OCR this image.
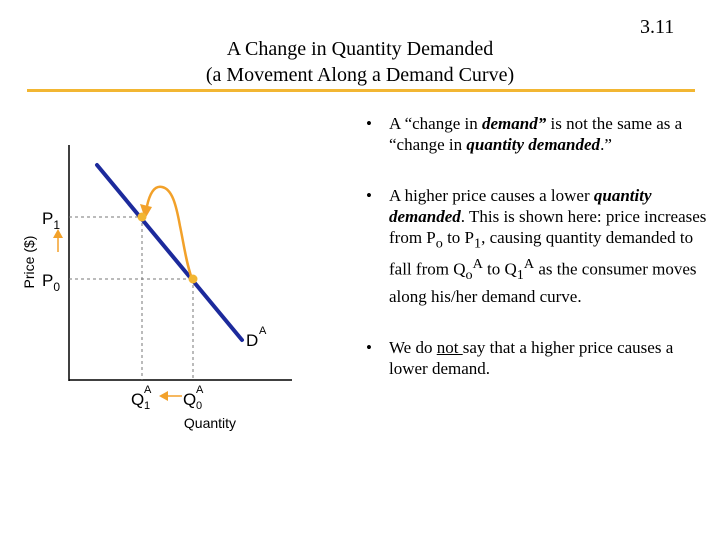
A Change in Quantity Demanded
(a Movement Along a Demand Curve)
3.11
Price ($)
Quantity
$P_1$
$P_0$
Q A
1 Q A
0
D A
• A “change in demand” is not the same as a “change in quantity demanded.”
• A higher price causes a lower quantity demanded. This is shown here: price increases from $P_o$ to $P_1$, causing quantity demanded to fall from $Q_o^A$ to $Q_1^A$ as the consumer moves along his/her demand curve.
• We do not say that a higher price causes a lower demand.
